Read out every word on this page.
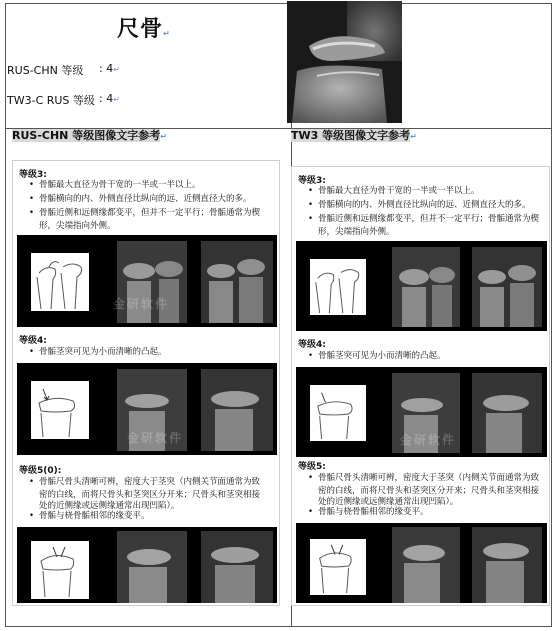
尺骨↵
RUS-CHN 等级 : 4↵
TW3-C RUS 等级 : 4↵
RUS-CHN 等级图像文字参考↵	TW3 等级图像文字参考↵
等级3:
• 骨骺最大直径为骨干宽的一半或一半以上。
• 骨骺横向的内、外侧直径比纵向的远、近侧直径大的多。
• 骨骺近侧和远侧缘都变平，但并不一定平行；骨骺通常为楔
形，尖端指向外侧。
金研软件
等级4:
• 骨骺茎突可见为小而清晰的凸起。
金研软件
等级5(0):
• 骨骺尺骨头清晰可辨，密度大于茎突（内侧关节面通常为致
密的白线，而将尺骨头和茎突区分开来；尺骨头和茎突相接
处的近侧缘或远侧缘通常出现凹陷）。
• 骨骺与桡骨骺相邻的缘变平。
等级3:
• 骨骺最大直径为骨干宽的一半或一半以上。
• 骨骺横向的内、外侧直径比纵向的远、近侧直径大的多。
• 骨骺近侧和远侧缘都变平，但并不一定平行；骨骺通常为楔
形，尖端指向外侧。
等级4:
• 骨骺茎突可见为小而清晰的凸起。
金研软件
等级5:
• 骨骺尺骨头清晰可辨，密度大于茎突（内侧关节面通常为致
密的白线，而将尺骨头和茎突区分开来；尺骨头和茎突相接
处的近侧缘或远侧缘通常出现凹陷）。
• 骨骺与桡骨骺相邻的缘变平。
